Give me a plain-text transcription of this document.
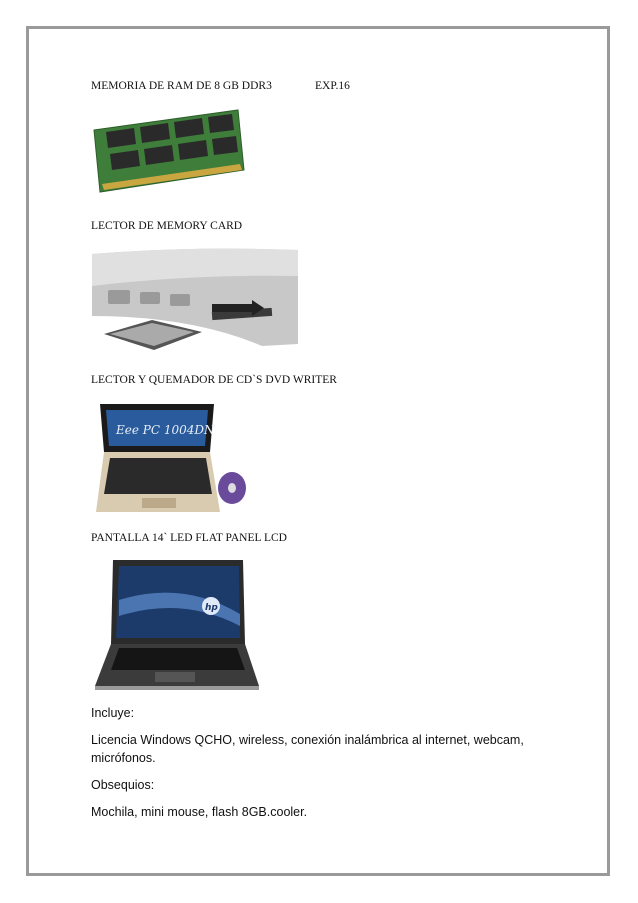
MEMORIA DE RAM DE 8 GB DDR3	EXP.16
LECTOR DE MEMORY CARD
LECTOR Y QUEMADOR DE CD`S DVD WRITER
Eee PC 1004DN
PANTALLA 14` LED FLAT PANEL LCD
hp
Incluye:
Licencia Windows QCHO, wireless, conexión inalámbrica al internet, webcam, micrófonos.
Obsequios:
Mochila, mini mouse, flash 8GB.cooler.
